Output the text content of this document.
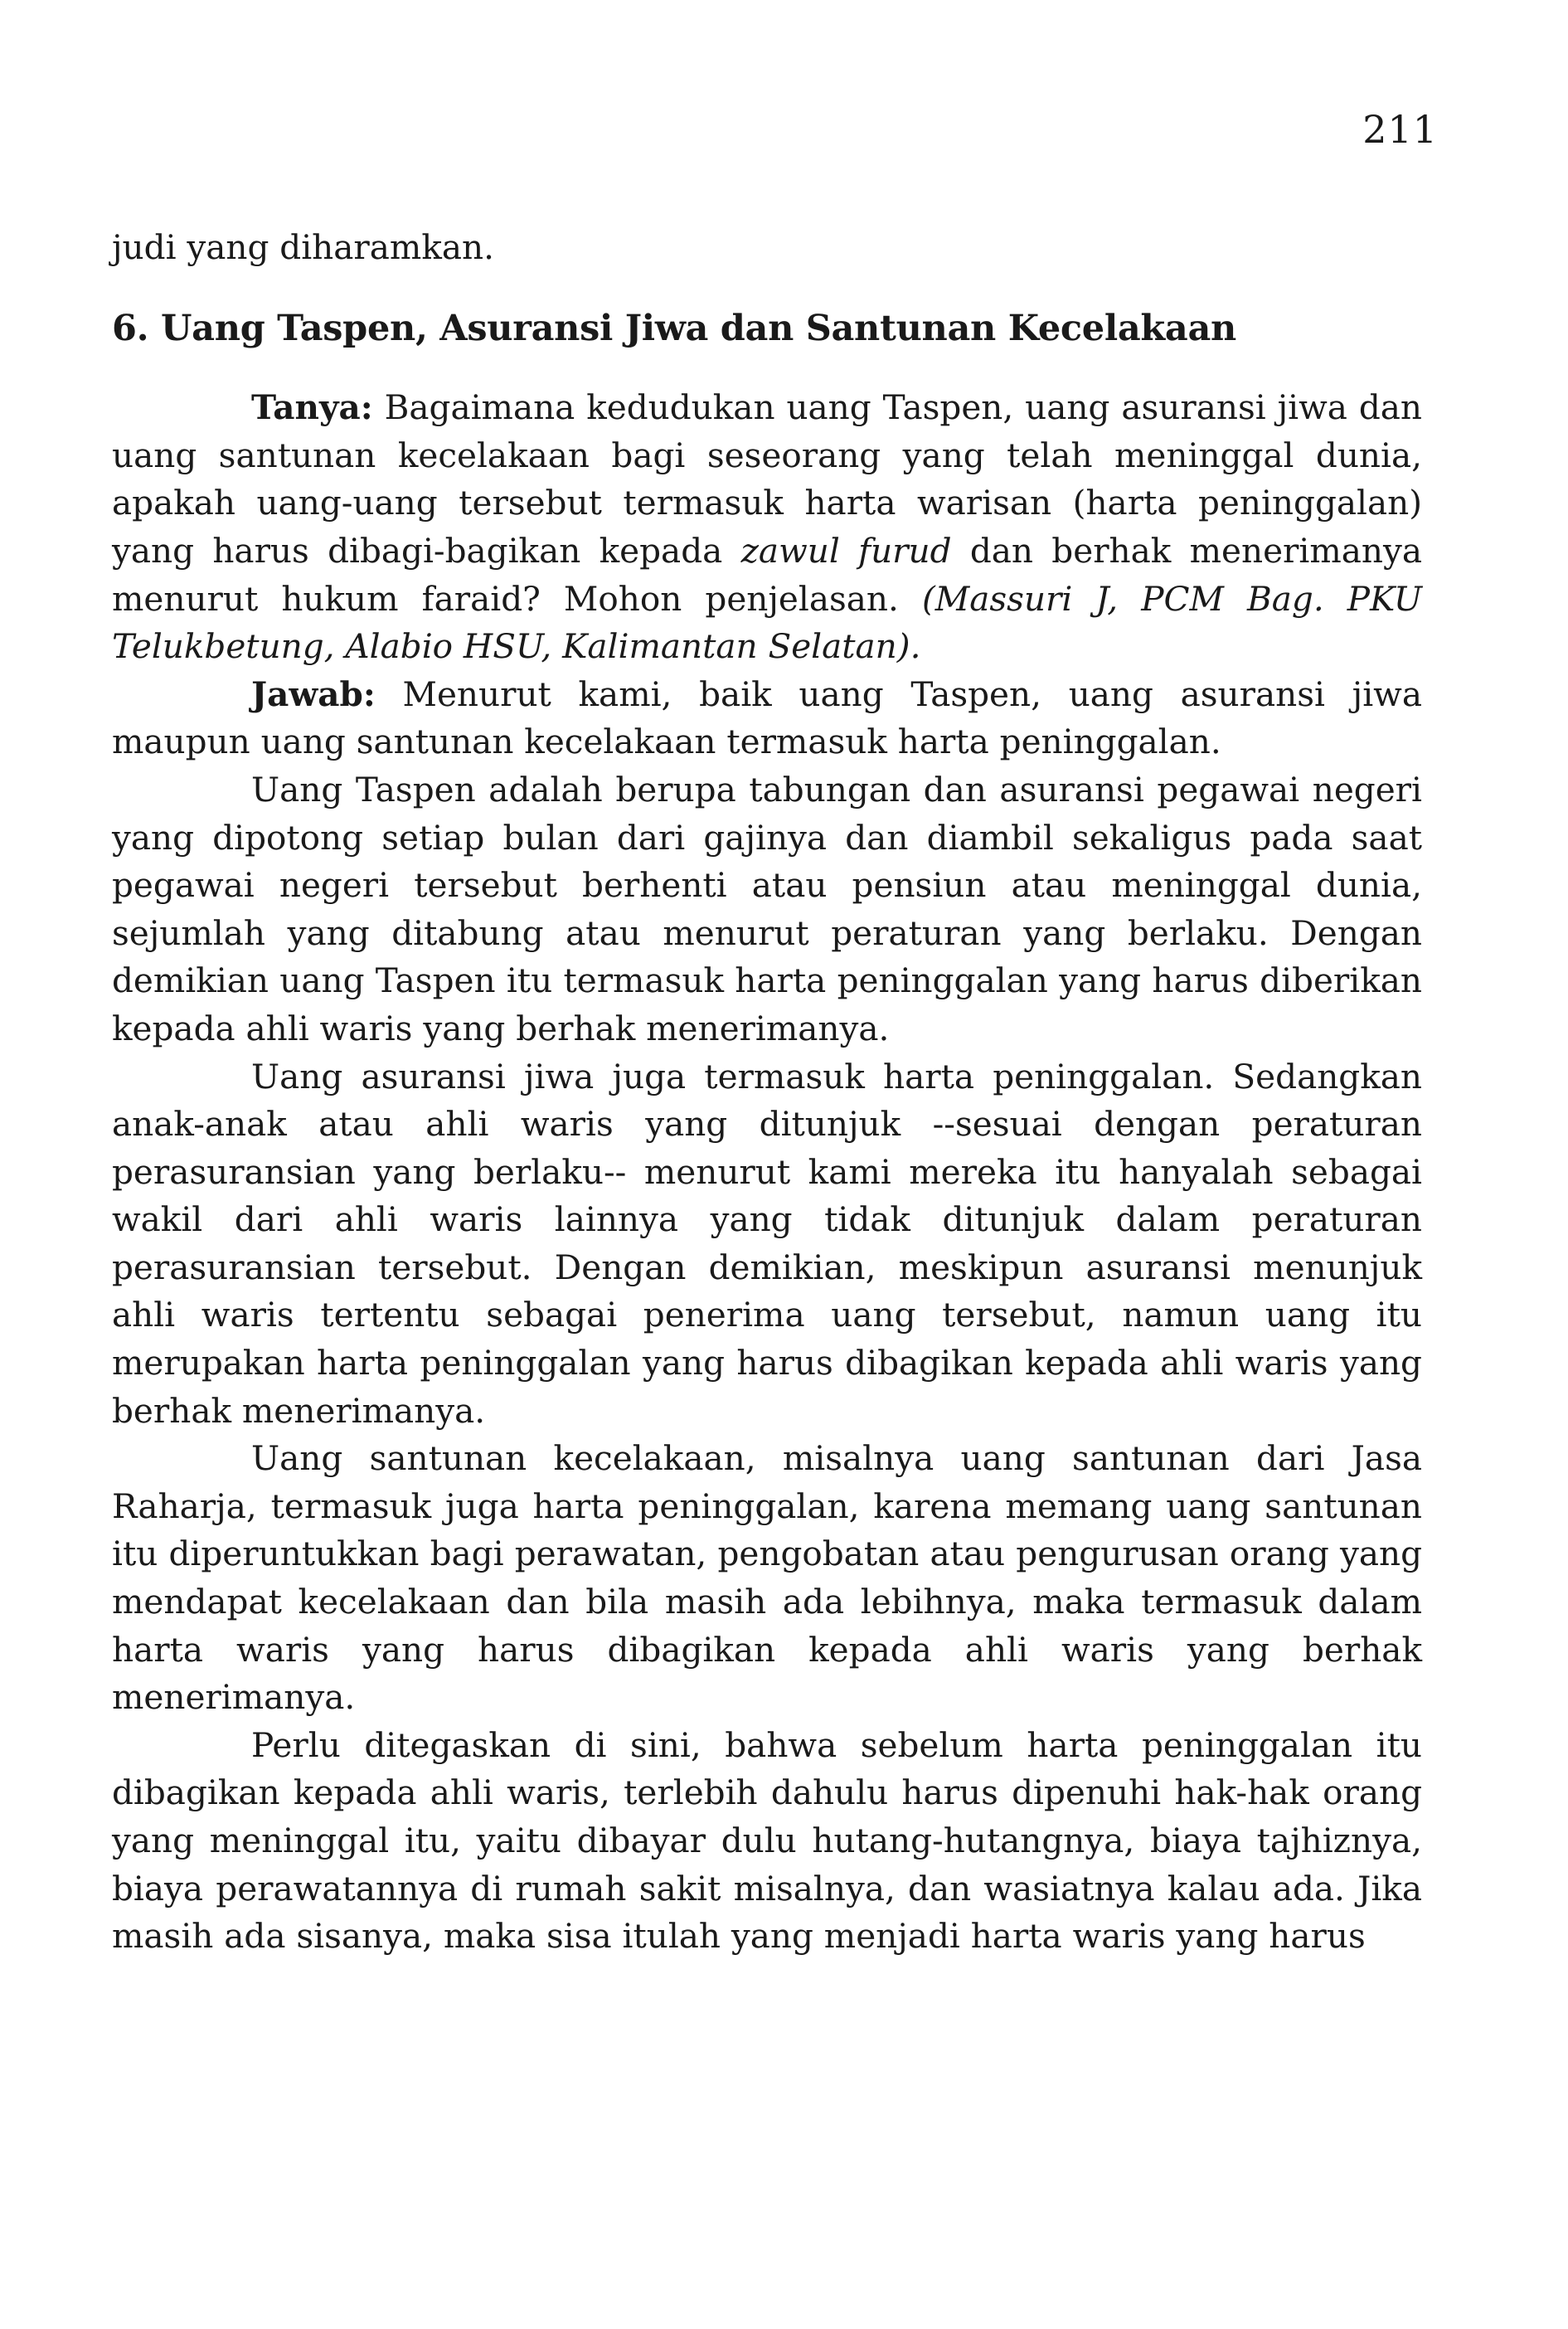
211

judi yang diharamkan.

6. Uang Taspen, Asuransi Jiwa dan Santunan Kecelakaan

Tanya: Bagaimana kedudukan uang Taspen, uang asuransi jiwa dan uang santunan kecelakaan bagi seseorang yang telah meninggal dunia, apakah uang-uang tersebut termasuk harta warisan (harta peninggalan) yang harus dibagi-bagikan kepada zawul furud dan berhak menerimanya menurut hukum faraid? Mohon penjelasan. (Massuri J, PCM Bag. PKU Telukbetung, Alabio HSU, Kalimantan Selatan).

Jawab: Menurut kami, baik uang Taspen, uang asuransi jiwa maupun uang santunan kecelakaan termasuk harta peninggalan.

Uang Taspen adalah berupa tabungan dan asuransi pegawai negeri yang dipotong setiap bulan dari gajinya dan diambil sekaligus pada saat pegawai negeri tersebut berhenti atau pensiun atau meninggal dunia, sejumlah yang ditabung atau menurut peraturan yang berlaku. Dengan demikian uang Taspen itu termasuk harta peninggalan yang harus diberikan kepada ahli waris yang berhak menerimanya.

Uang asuransi jiwa juga termasuk harta peninggalan. Sedangkan anak-anak atau ahli waris yang ditunjuk --sesuai dengan peraturan perasuransian yang berlaku-- menurut kami mereka itu hanyalah sebagai wakil dari ahli waris lainnya yang tidak ditunjuk dalam peraturan perasuransian tersebut. Dengan demikian, meskipun asuransi menunjuk ahli waris tertentu sebagai penerima uang tersebut, namun uang itu merupakan harta peninggalan yang harus dibagikan kepada ahli waris yang berhak menerimanya.

Uang santunan kecelakaan, misalnya uang santunan dari Jasa Raharja, termasuk juga harta peninggalan, karena memang uang santunan itu diperuntukkan bagi perawatan, pengobatan atau pengurusan orang yang mendapat kecelakaan dan bila masih ada lebihnya, maka termasuk dalam harta waris yang harus dibagikan kepada ahli waris yang berhak menerimanya.

Perlu ditegaskan di sini, bahwa sebelum harta peninggalan itu dibagikan kepada ahli waris, terlebih dahulu harus dipenuhi hak-hak orang yang meninggal itu, yaitu dibayar dulu hutang-hutangnya, biaya tajhiznya, biaya perawatannya di rumah sakit misalnya, dan wasiatnya kalau ada. Jika masih ada sisanya, maka sisa itulah yang menjadi harta waris yang harus
